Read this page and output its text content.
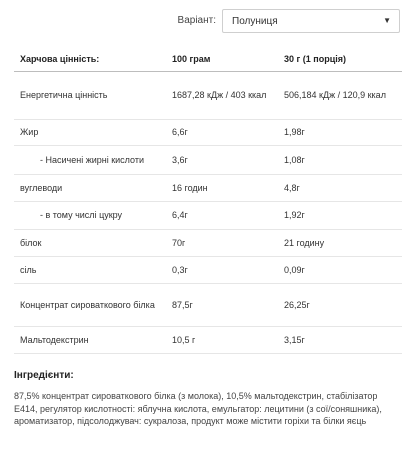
Варіант: Полуниця	▼
Харчова цінність:	100 грам	30 г (1 порція)
Енергетична цінність	1687,28 кДж / 403 ккал	506,184 кДж / 120,9 ккал
Жир	6,6г	1,98г
- Насичені жирні кислоти	3,6г	1,08г
вуглеводи	16 годин	4,8г
- в тому числі цукру	6,4г	1,92г
білок	70г	21 годину
сіль	0,3г	0,09г
Концентрат сироваткового білка	87,5г	26,25г
Мальтодекстрин	10,5 г	3,15г
Інгредієнти:

87,5% концентрат сироваткового білка (з молока), 10,5% мальтодекстрин, стабілізатор Е414, регулятор кислотності: яблучна кислота, емульгатор: лецитини (з сої/соняшника), ароматизатор, підсолоджувач: сукралоза, продукт може містити горіхи та білки яєць
